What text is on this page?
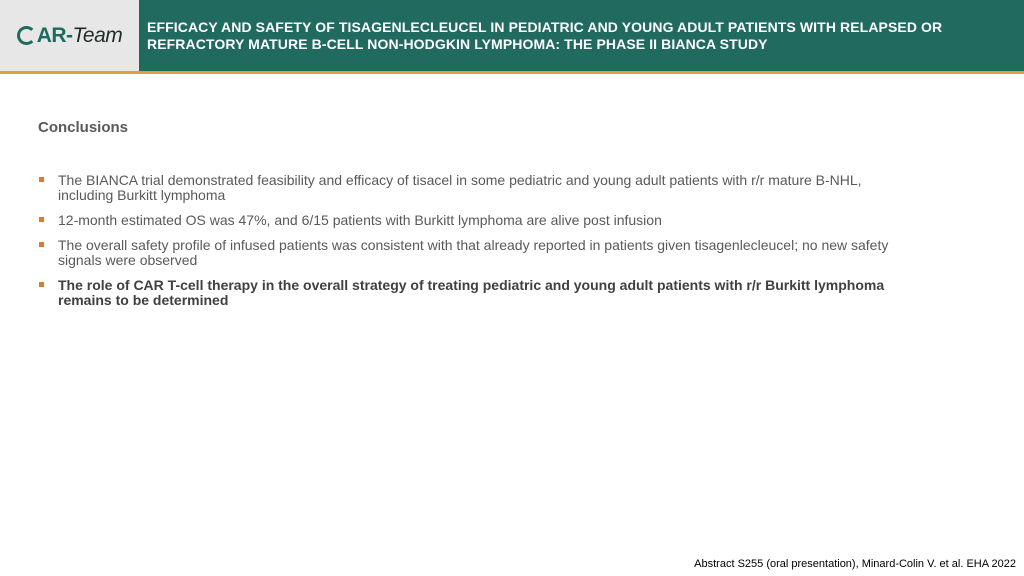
AR - Team EFFICACY AND SAFETY OF TISAGENLECLEUCEL IN PEDIATRIC AND YOUNG ADULT PATIENTS WITH RELAPSED OR
REFRACTORY MATURE B-CELL NON-HODGKIN LYMPHOMA: THE PHASE II BIANCA STUDY
Conclusions
The BIANCA trial demonstrated feasibility and efficacy of tisacel in some pediatric and young adult patients with r/r mature B-NHL, including Burkitt lymphoma
12-month estimated OS was 47%, and 6/15 patients with Burkitt lymphoma are alive post infusion
The overall safety profile of infused patients was consistent with that already reported in patients given tisagenlecleucel; no new safety signals were observed
The role of CAR T-cell therapy in the overall strategy of treating pediatric and young adult patients with r/r Burkitt lymphoma remains to be determined
Abstract S255 (oral presentation), Minard-Colin V. et al. EHA 2022
